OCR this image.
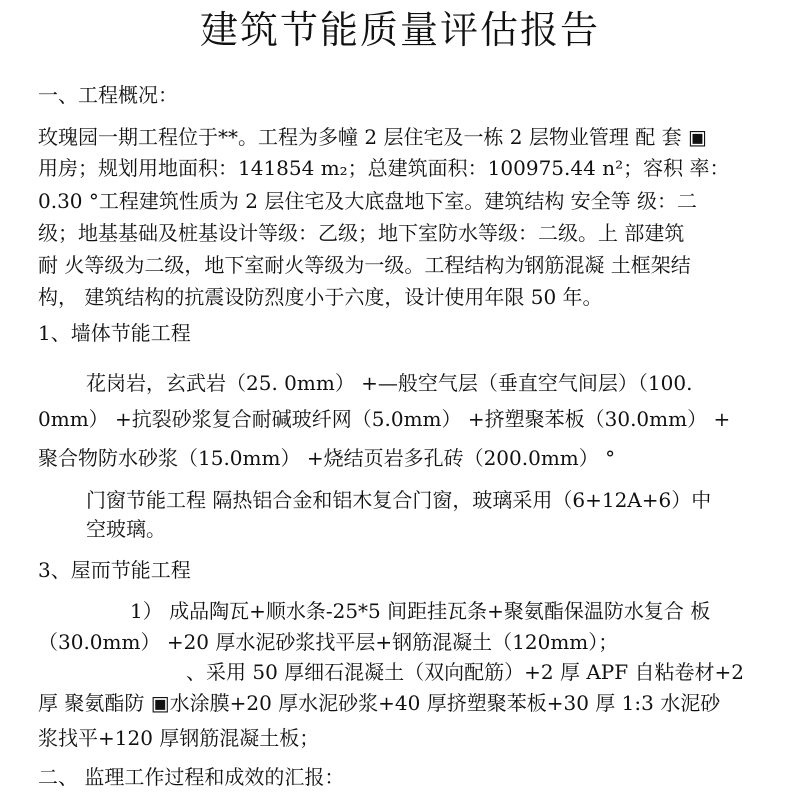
建筑节能质量评估报告
一、工程概况：
玫瑰园一期工程位于**。工程为多幢 2 层住宅及一栋 2 层物业管理 配 套 ▣
用房；规划用地面积：141854 m₂；总建筑面积：100975.44 n²；容积 率：
0.30 °工程建筑性质为 2 层住宅及大底盘地下室。建筑结构 安全等 级：二
级；地基基础及桩基设计等级：乙级；地下室防水等级：二级。上 部建筑
耐 火等级为二级，地下室耐火等级为一级。工程结构为钢筋混凝 土框架结
构， 建筑结构的抗震设防烈度小于六度，设计使用年限 50 年。
1、墙体节能工程
花岗岩，玄武岩（25. 0mm） +—般空气层（垂直空气间层）（100.
0mm） +抗裂砂浆复合耐碱玻纤网（5.0mm） +挤塑聚苯板（30.0mm） +
聚合物防水砂浆（15.0mm） +烧结页岩多孔砖（200.0mm） °
门窗节能工程 隔热铝合金和铝木复合门窗，玻璃采用（6+12A+6）中
空玻璃。
3、屋而节能工程
1） 成品陶瓦+顺水条-25*5 间距挂瓦条+聚氨酯保温防水复合 板
（30.0mm） +20 厚水泥砂浆找平层+钢筋混凝土（120mm）；
、采用 50 厚细石混凝土（双向配筋）+2 厚 APF 自粘卷材+2
厚 聚氨酯防 ▣水涂膜+20 厚水泥砂浆+40 厚挤塑聚苯板+30 厚 1:3 水泥砂
浆找平+120 厚钢筋混凝土板；
二、 监理工作过程和成效的汇报：
